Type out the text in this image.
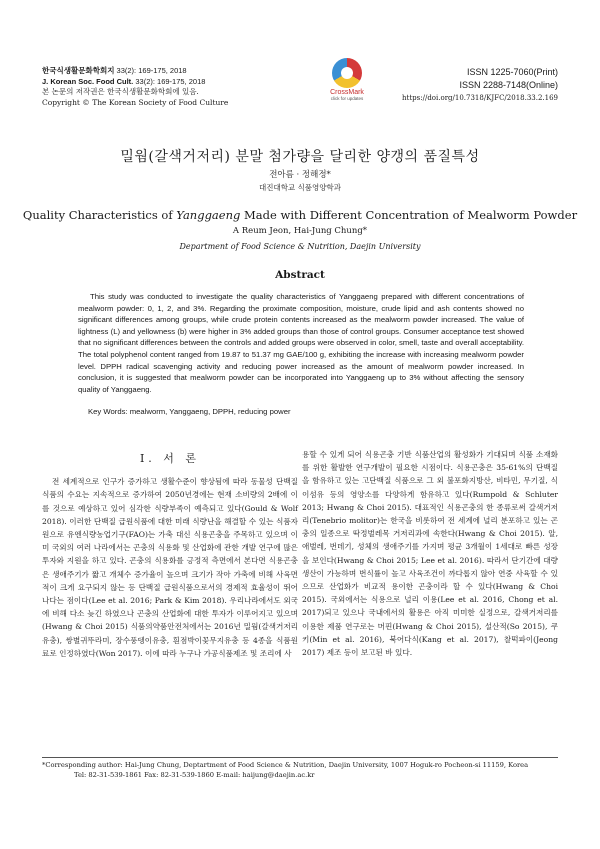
한국식생활문화학회지 33(2): 169-175, 2018
J. Korean Soc. Food Cult. 33(2): 169-175, 2018
본 논문의 저작권은 한국식생활문화학회에 있음.
Copyright © The Korean Society of Food Culture
CrossMark
click for updates
ISSN 1225-7060(Print)
ISSN 2288-7148(Online)
https://doi.org/10.7318/KJFC/2018.33.2.169
밀웜(갈색거저리) 분말 첨가량을 달리한 양갱의 품질특성
전아름 · 정해정*
대진대학교 식품영양학과
Quality Characteristics of Yanggaeng Made with Different Concentration of Mealworm Powder
A Reum Jeon, Hai-Jung Chung*
Department of Food Science & Nutrition, Daejin University
Abstract
This study was conducted to investigate the quality characteristics of Yanggaeng prepared with different concentrations of mealworm powder: 0, 1, 2, and 3%. Regarding the proximate composition, moisture, crude lipid and ash contents showed no significant differences among groups, while crude protein contents increased as the mealworm powder increased. The value of lightness (L) and yellowness (b) were higher in 3% added groups than those of control groups. Consumer acceptance test showed that no significant differences between the controls and added groups were observed in color, smell, taste and overall acceptability. The total polyphenol content ranged from 19.87 to 51.37 mg GAE/100 g, exhibiting the increase with increasing mealworm powder level. DPPH radical scavenging activity and reducing power increased as the amount of mealworm powder increased. In conclusion, it is suggested that mealworm powder can be incorporated into Yanggaeng up to 3% without affecting the sensory quality of Yanggaeng.
Key Words: mealworm, Yanggaeng, DPPH, reducing power
I. 서 론

전 세계적으로 인구가 증가하고 생활수준이 향상됨에 따라 동물성 단백질식품의 수요는 지속적으로 증가하여 2050년경에는 현재 소비량의 2배에 이를 것으로 예상하고 있어 심각한 식량부족이 예측되고 있다(Gould & Wolf 2018). 이러한 단백질 급원식품에 대한 미래 식량난을 해결할 수 있는 식품자원으로 유엔식량농업기구(FAO)는 가축 대신 식용곤충을 주목하고 있으며 이미 국외의 여러 나라에서는 곤충의 식용화 및 산업화에 관한 개발 연구에 많은 투자와 지원을 하고 있다. 곤충의 식용화를 긍정적 측면에서 본다면 식용곤충은 생애주기가 짧고 개체수 증가율이 높으며 크기가 작아 가축에 비해 사육면적이 크게 요구되지 않는 등 단백질 급원식품으로서의 경제적 효율성이 뛰어나다는 점이다(Lee et al. 2016; Park & Kim 2018). 우리나라에서도 외국에 비해 다소 늦긴 하였으나 곤충의 산업화에 대한 투자가 이루어지고 있으며(Hwang & Choi 2015) 식품의약품안전처에서는 2016년 밀웜(갈색거저리유충), 쌍별귀뚜라미, 장수풍뎅이유충, 흰점박이꽃무지유충 등 4종을 식품원료로 인정하였다(Won 2017). 이에 따라 누구나 가공식품제조 및 조리에 사

용할 수 있게 되어 식용곤충 기반 식품산업의 활성화가 기대되며 식품 소재화를 위한 활발한 연구개발이 필요한 시점이다. 식용곤충은 35-61%의 단백질을 함유하고 있는 고단백질 식품으로 그 외 불포화지방산, 비타민, 무기질, 식이섬유 등의 영양소를 다양하게 함유하고 있다(Rumpold & Schluter 2013; Hwang & Choi 2015). 대표적인 식용곤충의 한 종류로써 갈색거저리(Tenebrio molitor)는 한국을 비롯하여 전 세계에 널리 분포하고 있는 곤충의 일종으로 딱정벌레목 거저리과에 속한다(Hwang & Choi 2015). 알, 애벌레, 번데기, 성체의 생애주기를 가지며 평균 3개월이 1세대로 빠른 성장을 보인다(Hwang & Choi 2015; Lee et al. 2016). 따라서 단기간에 대량생산이 가능하며 번식률이 높고 사육조건이 까다롭지 않아 연중 사육할 수 있으므로 산업화가 비교적 용이한 곤충이라 할 수 있다(Hwang & Choi 2015). 국외에서는 식용으로 널리 이용(Lee et al. 2016, Chong et al. 2017)되고 있으나 국내에서의 활용은 아직 미미한 실정으로, 갈색거저리를 이용한 제품 연구로는 머핀(Hwang & Choi 2015), 설산적(So 2015), 쿠키(Min et al. 2016), 북어다식(Kang et al. 2017), 찰떡파이(Jeong 2017) 제조 등이 보고된 바 있다.

*Corresponding author: Hai-Jung Chung, Deptartment of Food Science & Nutrition, Daejin University, 1007 Hoguk-ro Pocheon-si 11159, Korea
Tel: 82-31-539-1861 Fax: 82-31-539-1860 E-mail: haijung@daejin.ac.kr
